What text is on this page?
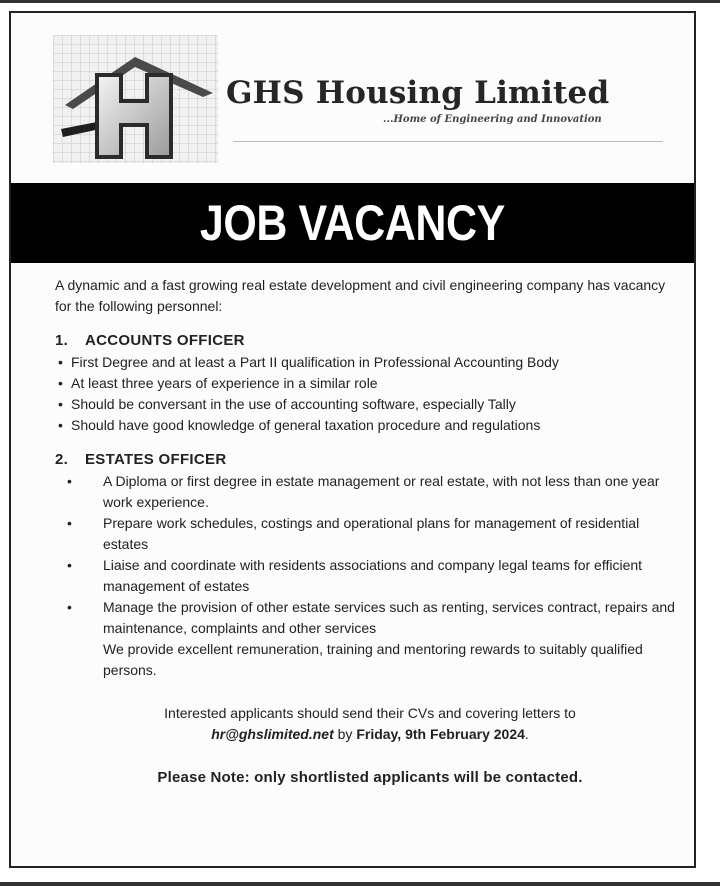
GHS Housing Limited
...Home of Engineering and Innovation
JOB VACANCY

A dynamic and a fast growing real estate development and civil engineering company has vacancy for the following personnel:

1. ACCOUNTS OFFICER
• First Degree and at least a Part II qualification in Professional Accounting Body
• At least three years of experience in a similar role
• Should be conversant in the use of accounting software, especially Tally
• Should have good knowledge of general taxation procedure and regulations
2. ESTATES OFFICER
• A Diploma or first degree in estate management or real estate, with not less than one year work experience.
• Prepare work schedules, costings and operational plans for management of residential estates
• Liaise and coordinate with residents associations and company legal teams for efficient management of estates
• Manage the provision of other estate services such as renting, services contract, repairs and maintenance, complaints and other services
We provide excellent remuneration, training and mentoring rewards to suitably qualified persons.
Interested applicants should send their CVs and covering letters to
hr@ghslimited.net by Friday, 9th February 2024.
Please Note: only shortlisted applicants will be contacted.
